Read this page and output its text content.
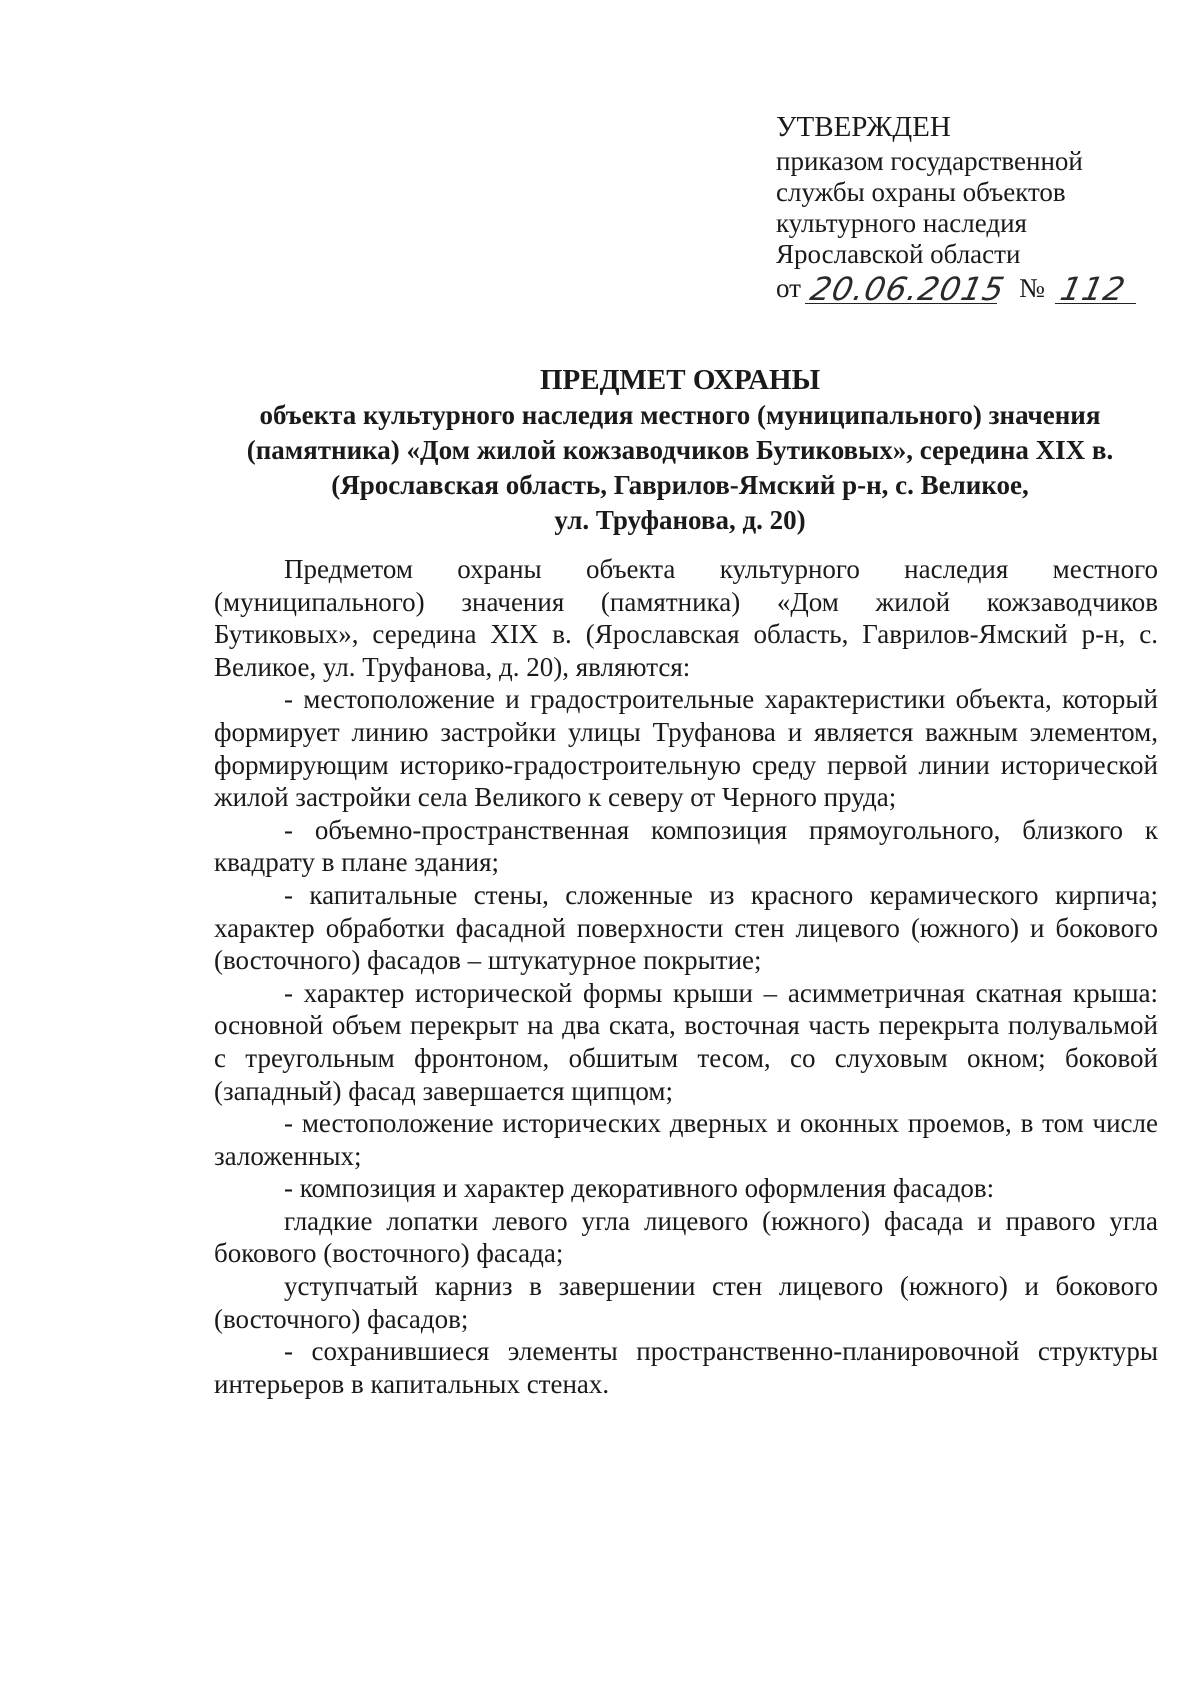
УТВЕРЖДЕН
приказом государственной
службы охраны объектов
культурного наследия
Ярославской области
от 20.06.2015 № 112
ПРЕДМЕТ ОХРАНЫ
объекта культурного наследия местного (муниципального) значения
(памятника) «Дом жилой кожзаводчиков Бутиковых», середина XIX в.
(Ярославская область, Гаврилов-Ямский р-н, с. Великое,
ул. Труфанова, д. 20)

Предметом охраны объекта культурного наследия местного (муниципального) значения (памятника) «Дом жилой кожзаводчиков Бутиковых», середина XIX в. (Ярославская область, Гаврилов-Ямский р-н, с. Великое, ул. Труфанова, д. 20), являются:

- местоположение и градостроительные характеристики объекта, который формирует линию застройки улицы Труфанова и является важным элементом, формирующим историко-градостроительную среду первой линии исторической жилой застройки села Великого к северу от Черного пруда;

- объемно-пространственная композиция прямоугольного, близкого к квадрату в плане здания;

- капитальные стены, сложенные из красного керамического кирпича; характер обработки фасадной поверхности стен лицевого (южного) и бокового (восточного) фасадов – штукатурное покрытие;

- характер исторической формы крыши – асимметричная скатная крыша: основной объем перекрыт на два ската, восточная часть перекрыта полувальмой с треугольным фронтоном, обшитым тесом, со слуховым окном; боковой (западный) фасад завершается щипцом;

- местоположение исторических дверных и оконных проемов, в том числе заложенных;

- композиция и характер декоративного оформления фасадов:

гладкие лопатки левого угла лицевого (южного) фасада и правого угла бокового (восточного) фасада;

уступчатый карниз в завершении стен лицевого (южного) и бокового (восточного) фасадов;

- сохранившиеся элементы пространственно-планировочной структуры интерьеров в капитальных стенах.
